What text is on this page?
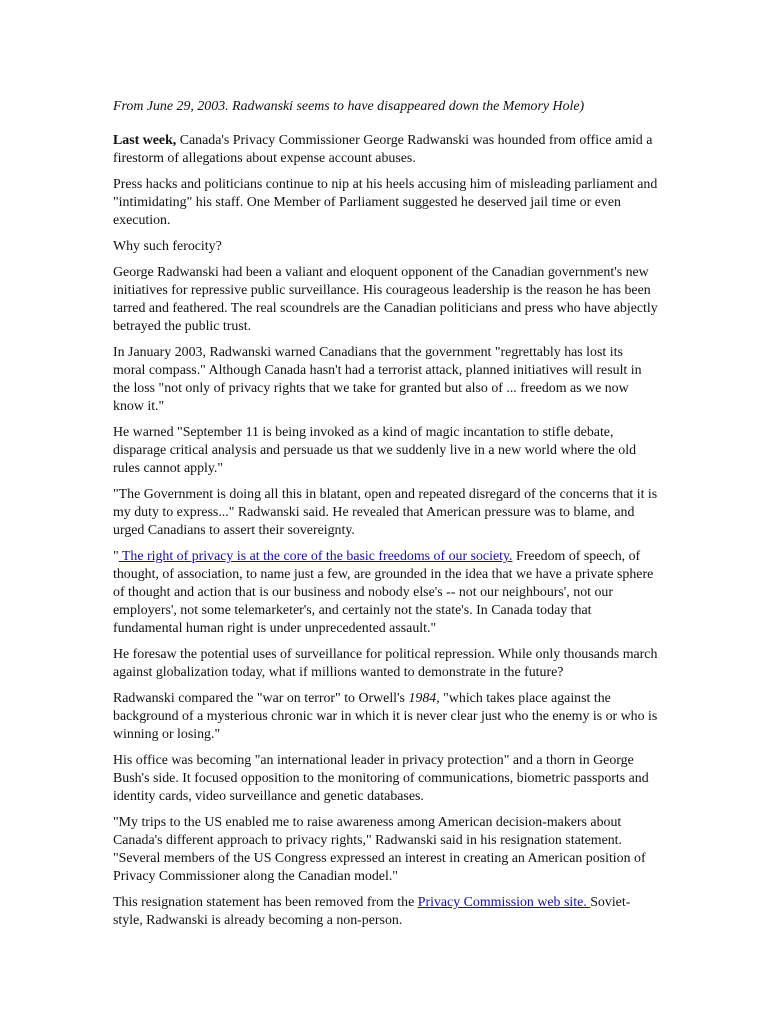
From June 29, 2003. Radwanski seems to have disappeared down the Memory Hole)

Last week, Canada's Privacy Commissioner George Radwanski was hounded from office amid a firestorm of allegations about expense account abuses.

Press hacks and politicians continue to nip at his heels accusing him of misleading parliament and "intimidating" his staff. One Member of Parliament suggested he deserved jail time or even execution.

Why such ferocity?

George Radwanski had been a valiant and eloquent opponent of the Canadian government's new initiatives for repressive public surveillance. His courageous leadership is the reason he has been tarred and feathered. The real scoundrels are the Canadian politicians and press who have abjectly betrayed the public trust.

In January 2003, Radwanski warned Canadians that the government "regrettably has lost its moral compass." Although Canada hasn't had a terrorist attack, planned initiatives will result in the loss "not only of privacy rights that we take for granted but also of ... freedom as we now know it."

He warned "September 11 is being invoked as a kind of magic incantation to stifle debate, disparage critical analysis and persuade us that we suddenly live in a new world where the old rules cannot apply."

"The Government is doing all this in blatant, open and repeated disregard of the concerns that it is my duty to express..." Radwanski said. He revealed that American pressure was to blame, and urged Canadians to assert their sovereignty.

" The right of privacy is at the core of the basic freedoms of our society. Freedom of speech, of thought, of association, to name just a few, are grounded in the idea that we have a private sphere of thought and action that is our business and nobody else's -- not our neighbours', not our employers', not some telemarketer's, and certainly not the state's. In Canada today that fundamental human right is under unprecedented assault."

He foresaw the potential uses of surveillance for political repression. While only thousands march against globalization today, what if millions wanted to demonstrate in the future?

Radwanski compared the "war on terror" to Orwell's 1984, "which takes place against the background of a mysterious chronic war in which it is never clear just who the enemy is or who is winning or losing."

His office was becoming "an international leader in privacy protection" and a thorn in George Bush's side. It focused opposition to the monitoring of communications, biometric passports and identity cards, video surveillance and genetic databases.

"My trips to the US enabled me to raise awareness among American decision-makers about Canada's different approach to privacy rights," Radwanski said in his resignation statement. "Several members of the US Congress expressed an interest in creating an American position of Privacy Commissioner along the Canadian model."

This resignation statement has been removed from the Privacy Commission web site. Soviet-style, Radwanski is already becoming a non-person.
